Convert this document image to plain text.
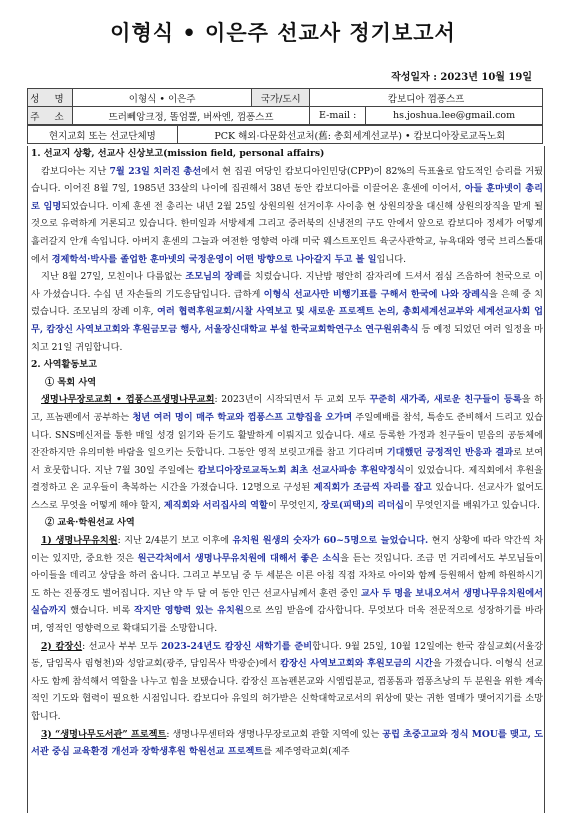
이형식 • 이은주 선교사 정기보고서
작성일자 : 2023년 10월 19일
성 명	이형식 • 이은주	국가/도시	캄보디아 껌퐁스프	
주 소	뜨러뻬앙크정, 똘엄뿔, 버싸엔, 껌퐁스프		E-mail :	hs.joshua.lee@gmail.com
현지교회 또는 선교단체명	PCK 해외·다문화선교처(舊: 총회세계선교부) • 캄보디아장로교독노회

1. 선교지 상황, 선교사 신상보고(mission field, personal affairs)

캄보디아는 지난 7월 23일 치러진 총선에서 현 집권 여당인 캄보디아인민당(CPP)이 82%의 득표율로 압도적인 승리를 거뒀습니다. 이어진 8월 7일, 1985년 33살의 나이에 집권해서 38년 동안 캄보디아를 이끌어온 훈센에 이어서, 아들 훈마넷이 총리로 임명되었습니다. 이제 훈센 전 총리는 내년 2월 25일 상원의원 선거이후 사이총 현 상원의장을 대신해 상원의장직을 맡게 될 것으로 유력하게 거론되고 있습니다. 한미일과 서방세계 그리고 중러북의 신냉전의 구도 안에서 앞으로 캄보디아 정세가 어떻게 흘러갈지 안개 속입니다. 아버지 훈센의 그늘과 여전한 영향력 아래 미국 웨스트포인트 육군사관학교, 뉴욕대와 영국 브리스톨대에서 경제학석·박사를 졸업한 훈마넷의 국정운영이 어떤 방향으로 나아갈지 두고 볼 일입니다.

지난 8월 27일, 모친이나 다름없는 조모님의 장례를 치렀습니다. 지난밤 평안히 잠자리에 드셔서 점심 즈음하여 천국으로 이사 가셨습니다. 수십 년 자손들의 기도응답입니다. 급하게 이형식 선교사만 비행기표를 구해서 한국에 나와 장례식을 은혜 중 치렀습니다. 조모님의 장례 이후, 여러 협력후원교회/시찰 사역보고 및 새로운 프로젝트 논의, 총회세계선교부와 세계선교사회 업무, 캄장신 사역보고회와 후원금모금 행사, 서울장신대학교 부설 한국교회학연구소 연구원위촉식 등 예정 되었던 여러 일정을 마치고 21일 귀임합니다.

2. 사역활동보고

① 목회 사역

생명나무장로교회 • 껌퐁스프생명나무교회: 2023년이 시작되면서 두 교회 모두 꾸준히 새가족, 새로운 친구들이 등록을 하고, 프놈펜에서 공부하는 청년 여러 명이 매주 학교와 껌퐁스프 고향집을 오가며 주일예배를 참석, 특송도 준비해서 드리고 있습니다. SNS메신저를 통한 매일 성경 읽기와 듣기도 활발하게 이뤄지고 있습니다. 새로 등록한 가정과 친구들이 믿음의 공동체에 잔잔하지만 유의미한 바람을 일으키는 듯합니다. 그동안 영적 보릿고개를 참고 기다리며 기대했던 긍정적인 반응과 결과로 보여서 흐뭇합니다. 지난 7월 30일 주일에는 캄보디아장로교독노회 최초 선교사파송 후원약정식이 있었습니다. 제직회에서 후원을 결정하고 온 교우들이 축복하는 시간을 가졌습니다. 12명으로 구성된 제직회가 조금씩 자리를 잡고 있습니다. 선교사가 없어도 스스로 무엇을 어떻게 해야 할지, 제직회와 서리집사의 역할이 무엇인지, 장로(피택)의 리더십이 무엇인지를 배워가고 있습니다.

② 교육·학원선교 사역

1) 생명나무유치원: 지난 2/4분기 보고 이후에 유치원 원생의 숫자가 60~5명으로 늘었습니다. 현지 상황에 따라 약간씩 차이는 있지만, 중요한 것은 원근각처에서 생명나무유치원에 대해서 좋은 소식을 듣는 것입니다. 조금 먼 거리에서도 부모님들이 아이들을 데리고 상담을 하러 옵니다. 그리고 부모님 중 두 세분은 이른 아침 직접 자차로 아이와 함께 등원해서 함께 하원하시기도 하는 진풍경도 벌어집니다. 지난 약 두 달 여 동안 인근 선교사님께서 훈련 중인 교사 두 명을 보내오셔서 생명나무유치원에서 실습까지 했습니다. 비록 작지만 영향력 있는 유치원으로 쓰임 받음에 감사합니다. 무엇보다 더욱 전문적으로 성장하기를 바라며, 영적인 영향력으로 확대되기를 소망합니다.

2) 캄장신: 선교사 부부 모두 2023-24년도 캄장신 새학기를 준비합니다. 9월 25일, 10월 12일에는 한국 잠실교회(서울강동, 담임목사 림형천)와 성암교회(광주, 담임목사 박광순)에서 캄장신 사역보고회와 후원모금의 시간을 가졌습니다. 이형식 선교사도 함께 참석해서 역할을 나누고 힘을 보탰습니다. 캄장신 프놈펜본교와 시엠립분교, 껌퐁톰과 껌퐁츠낭의 두 분원을 위한 계속적인 기도와 협력이 필요한 시점입니다. 캄보디아 유일의 허가받은 신학대학교로서의 위상에 맞는 귀한 열매가 맺어지기를 소망합니다.

3) “생명나무도서관” 프로젝트: 생명나무센터와 생명나무장로교회 관할 지역에 있는 공립 초중고교와 정식 MOU를 맺고, 도서관 중심 교육환경 개선과 장학생후원 학원선교 프로젝트를 제주영락교회(제주
